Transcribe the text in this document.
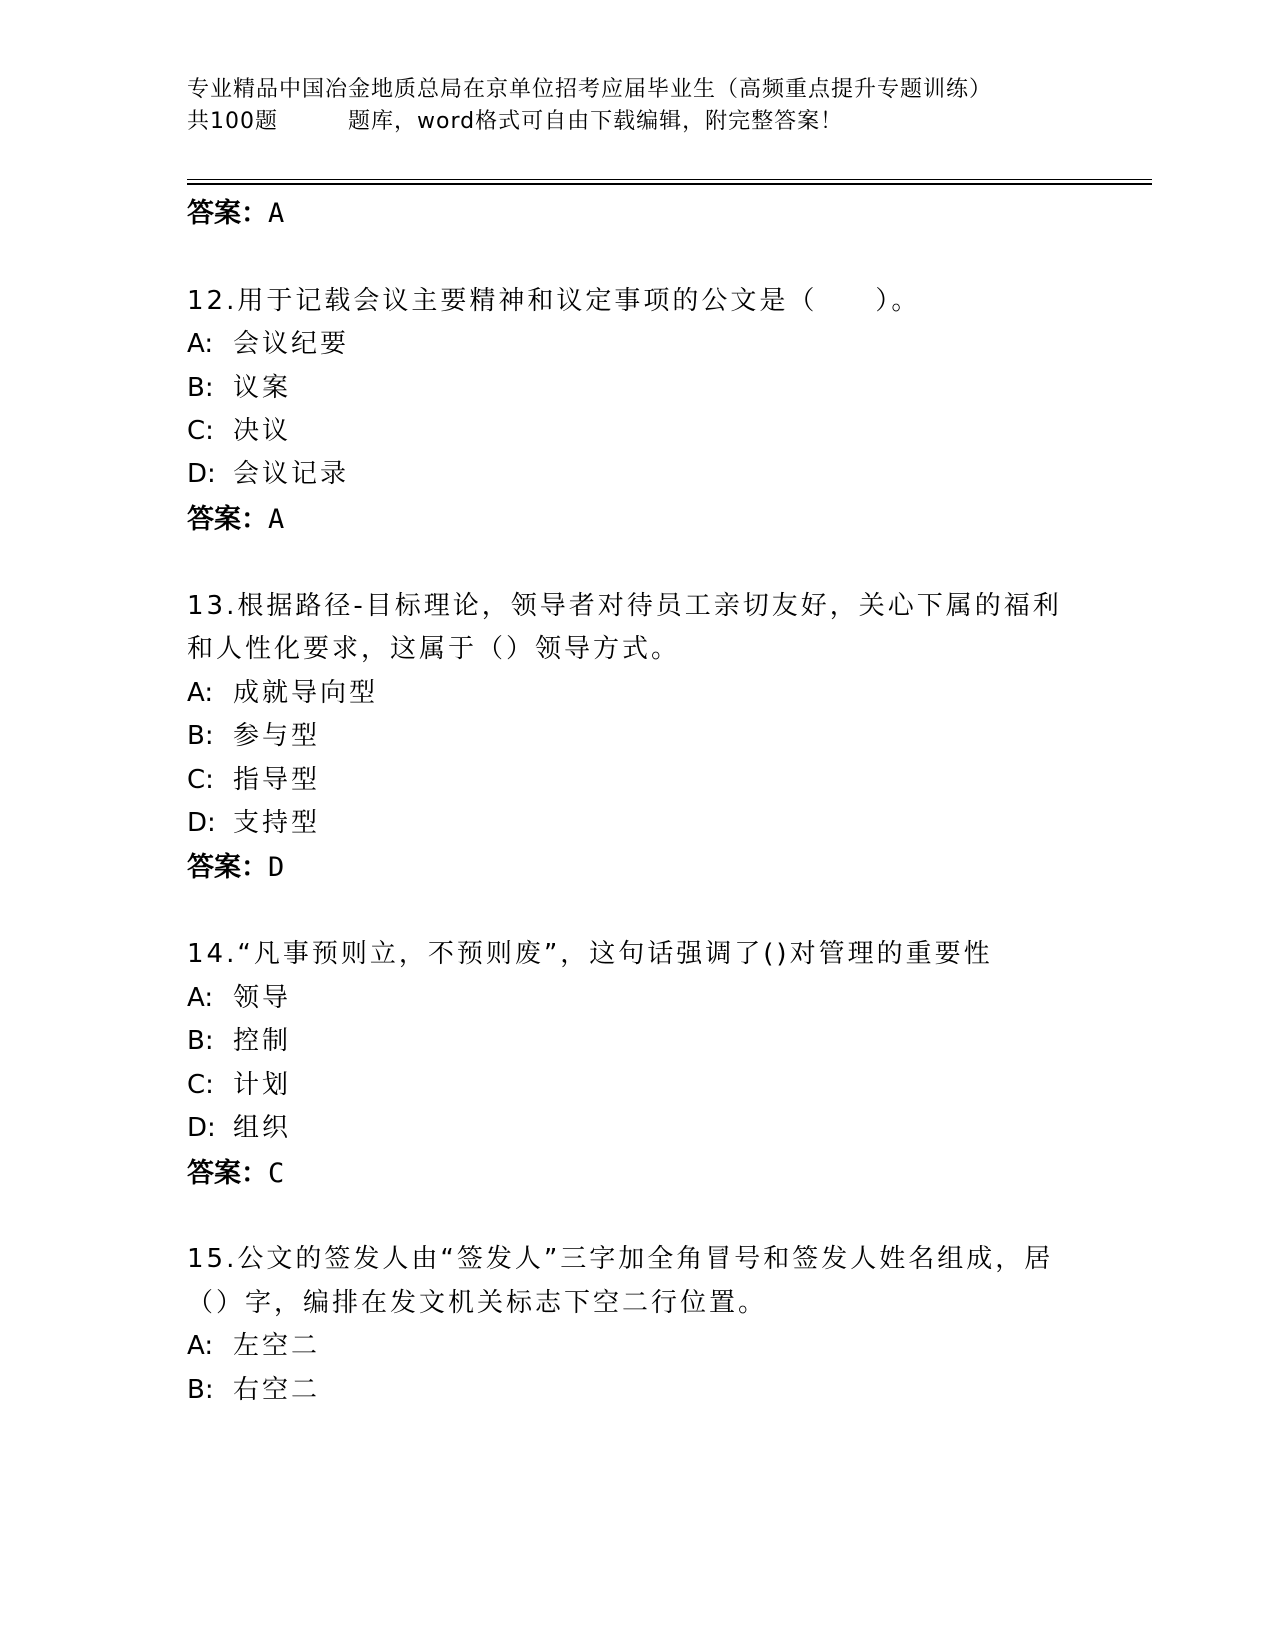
专业精品中国冶金地质总局在京单位招考应届毕业生（高频重点提升专题训练）
共100题	题库，word格式可自由下载编辑，附完整答案！
答案：A
12.用于记载会议主要精神和议定事项的公文是（　　）。
A: 会议纪要
B: 议案
C: 决议
D: 会议记录
答案：A
13.根据路径-目标理论，领导者对待员工亲切友好，关心下属的福利
和人性化要求，这属于（）领导方式。
A: 成就导向型
B: 参与型
C: 指导型
D: 支持型
答案：D
14.“凡事预则立，不预则废”，这句话强调了()对管理的重要性
A: 领导
B: 控制
C: 计划
D: 组织
答案：C
15.公文的签发人由“签发人”三字加全角冒号和签发人姓名组成，居
（）字，编排在发文机关标志下空二行位置。
A: 左空二
B: 右空二
